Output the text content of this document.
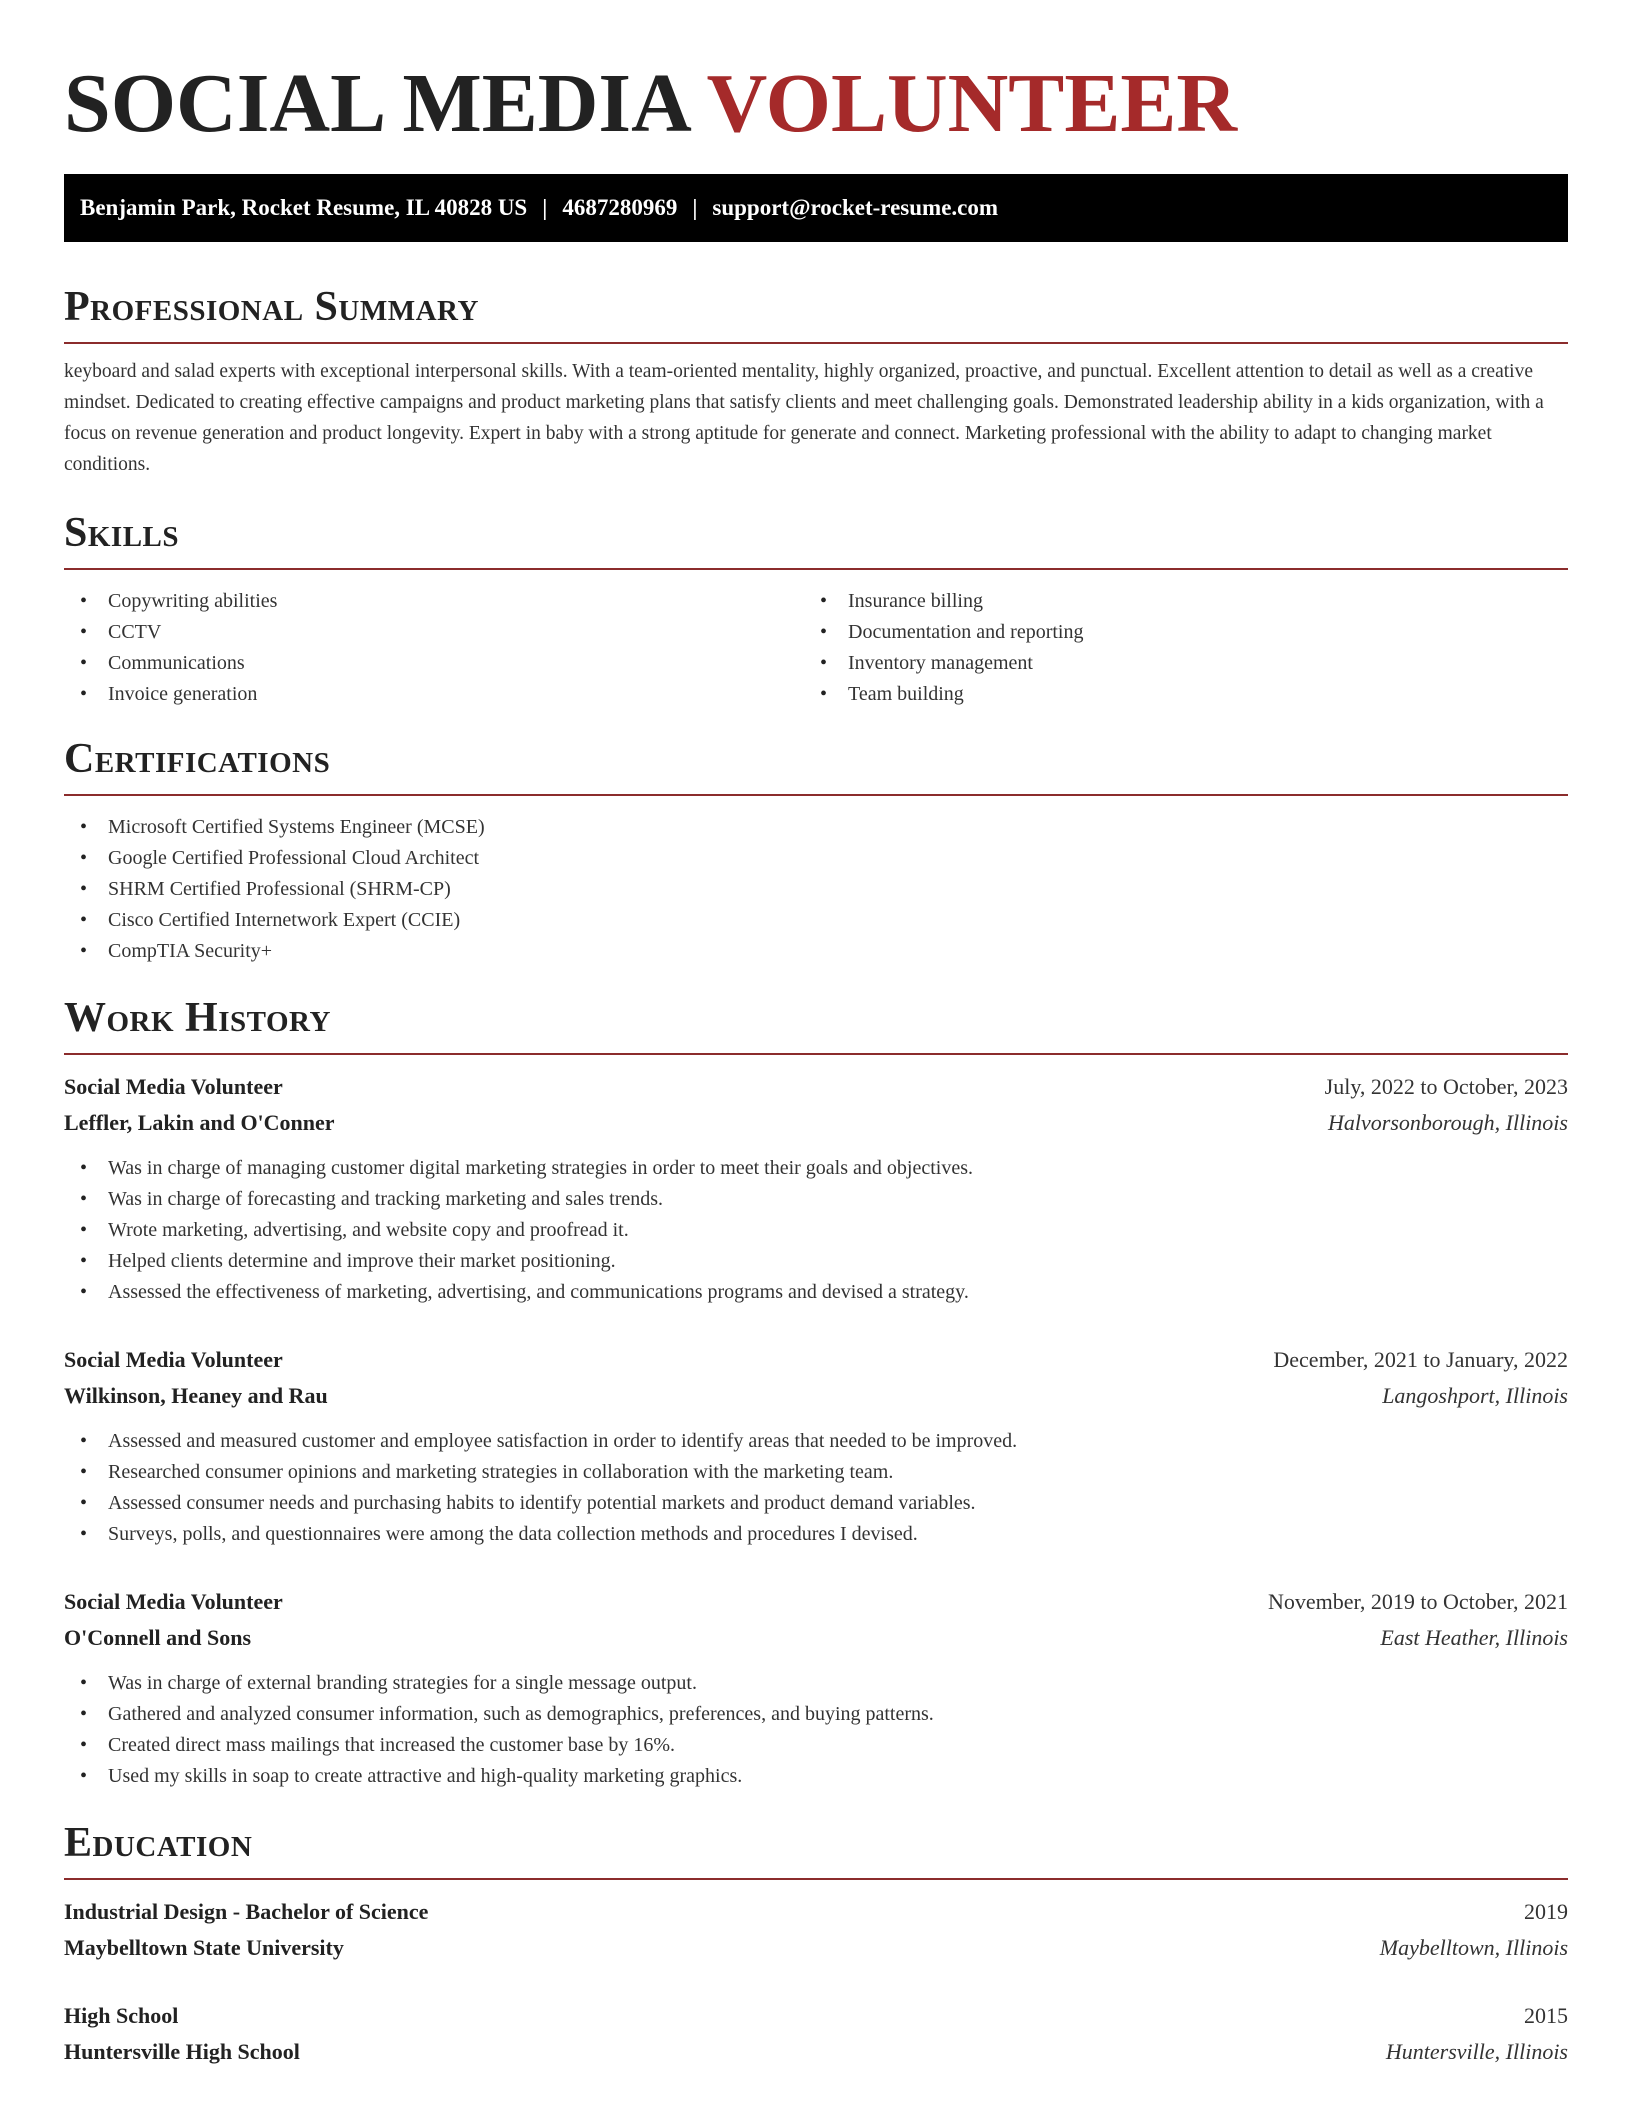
SOCIAL MEDIA VOLUNTEER
Benjamin Park, Rocket Resume, IL 40828 US | 4687280969 | support@rocket-resume.com
Professional Summary
keyboard and salad experts with exceptional interpersonal skills. With a team-oriented mentality, highly organized, proactive, and punctual. Excellent attention to detail as well as a creative mindset. Dedicated to creating effective campaigns and product marketing plans that satisfy clients and meet challenging goals. Demonstrated leadership ability in a kids organization, with a focus on revenue generation and product longevity. Expert in baby with a strong aptitude for generate and connect. Marketing professional with the ability to adapt to changing market conditions.
Skills
• Copywriting abilities
• CCTV
• Communications
• Invoice generation
• Insurance billing
• Documentation and reporting
• Inventory management
• Team building
Certifications
• Microsoft Certified Systems Engineer (MCSE)
• Google Certified Professional Cloud Architect
• SHRM Certified Professional (SHRM-CP)
• Cisco Certified Internetwork Expert (CCIE)
• CompTIA Security+
Work History
Social Media Volunteer	July, 2022 to October, 2023
Leffler, Lakin and O'Conner	Halvorsonborough, Illinois
• Was in charge of managing customer digital marketing strategies in order to meet their goals and objectives.
• Was in charge of forecasting and tracking marketing and sales trends.
• Wrote marketing, advertising, and website copy and proofread it.
• Helped clients determine and improve their market positioning.
• Assessed the effectiveness of marketing, advertising, and communications programs and devised a strategy.
Social Media Volunteer	December, 2021 to January, 2022
Wilkinson, Heaney and Rau	Langoshport, Illinois
• Assessed and measured customer and employee satisfaction in order to identify areas that needed to be improved.
• Researched consumer opinions and marketing strategies in collaboration with the marketing team.
• Assessed consumer needs and purchasing habits to identify potential markets and product demand variables.
• Surveys, polls, and questionnaires were among the data collection methods and procedures I devised.
Social Media Volunteer	November, 2019 to October, 2021
O'Connell and Sons	East Heather, Illinois
• Was in charge of external branding strategies for a single message output.
• Gathered and analyzed consumer information, such as demographics, preferences, and buying patterns.
• Created direct mass mailings that increased the customer base by 16%.
• Used my skills in soap to create attractive and high-quality marketing graphics.
Education
Industrial Design - Bachelor of Science	2019
Maybelltown State University	Maybelltown, Illinois
High School	2015
Huntersville High School	Huntersville, Illinois
